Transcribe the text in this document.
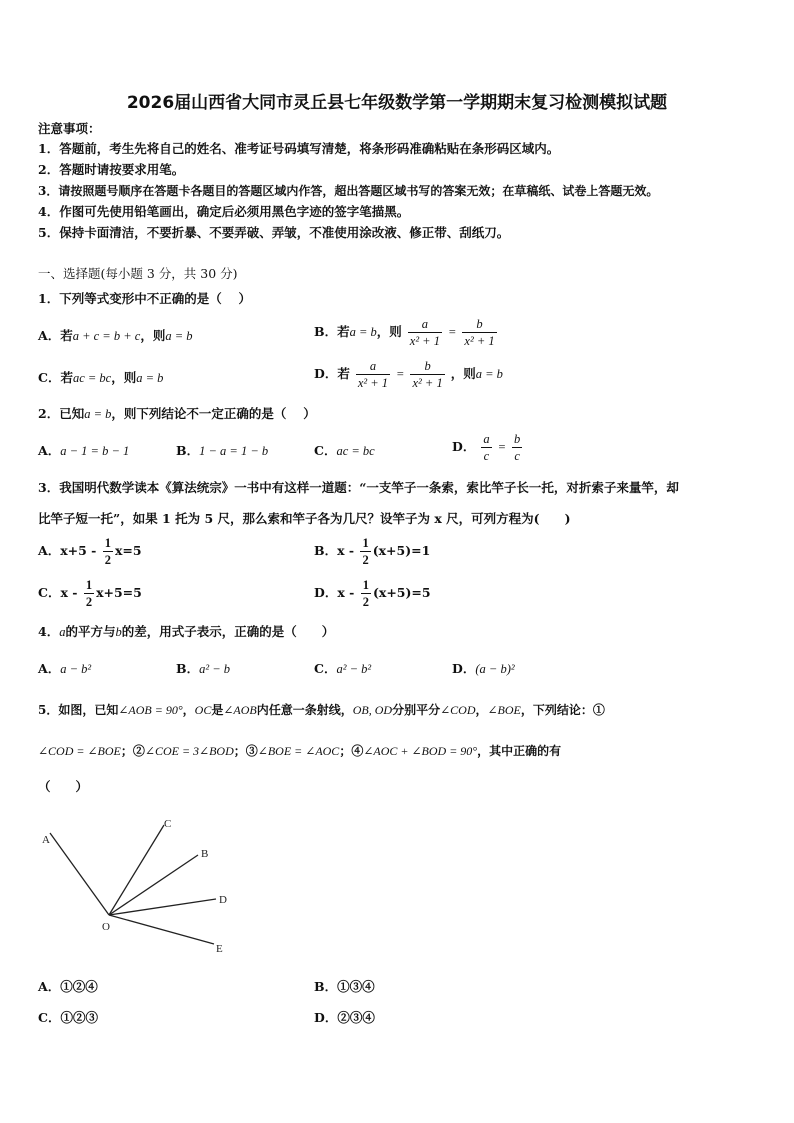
2026届山西省大同市灵丘县七年级数学第一学期期末复习检测模拟试题
注意事项：
1．答题前，考生先将自己的姓名、准考证号码填写清楚，将条形码准确粘贴在条形码区域内。
2．答题时请按要求用笔。
3．请按照题号顺序在答题卡各题目的答题区域内作答，超出答题区域书写的答案无效；在草稿纸、试卷上答题无效。
4．作图可先使用铅笔画出，确定后必须用黑色字迹的签字笔描黑。
5．保持卡面清洁，不要折暴、不要弄破、弄皱，不准使用涂改液、修正带、刮纸刀。
一、选择题(每小题 3 分，共 30 分)
1．下列等式变形中不正确的是（　 ）
A．若a + c = b + c，则a = b	B．若a = b，则 $\frac{a}{\text{x² + 1}} = \frac{b}{\text{x² + 1}}$
C．若ac = bc，则a = b	D．若 $\frac{a}{\text{x² + 1}} = \frac{b}{\text{x² + 1}}$ ，则a = b
2．已知a = b，则下列结论不一定正确的是（　 ）
A．a − 1 = b − 1	B．1 − a = 1 − b	C．ac = bc	D． $\frac{a}{c} = \frac{b}{c}$
3．我国明代数学读本《算法统宗》一书中有这样一道题：“一支竿子一条索，索比竿子长一托，对折索子来量竿，却
比竿子短一托”，如果 1 托为 5 尺，那么索和竿子各为几尺？设竿子为 x 尺，可列方程为(　　)
A．$x+5 - \frac{1}{2} x=5$	B．$x - \frac{1}{2} (x+5)=1$
C．$x - \frac{1}{2} x+5=5$	D．$x - \frac{1}{2} (x+5)=5$
4．a的平方与b的差，用式子表示，正确的是（　　）
A．a − b²	B．a² − b	C．a² − b²	D．(a − b)²
5．如图，已知∠AOB = 90°，OC是∠AOB内任意一条射线，OB, OD分别平分∠COD，∠BOE，下列结论：①
∠COD = ∠BOE；②∠COE = 3∠BOD；③∠BOE = ∠AOC；④∠AOC + ∠BOD = 90°，其中正确的有
（　　）
A
C
B
D
E
O
A．①②④	B．①③④
C．①②③	D．②③④
